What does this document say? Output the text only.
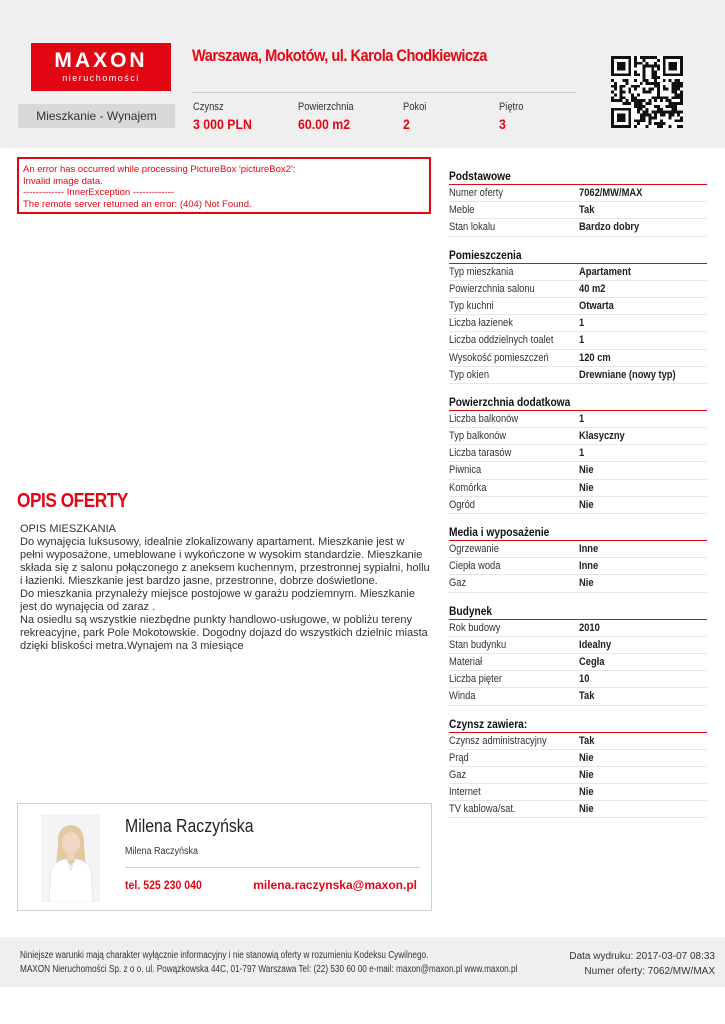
MAXON
nieruchomości
Warszawa, Mokotów, ul. Karola Chodkiewicza
Mieszkanie - Wynajem
Czynsz
3 000 PLN
Powierzchnia
60.00 m2
Pokoi
2
Piętro
3
An error has occurred while processing PictureBox 'pictureBox2':
Invalid image data.
------------- InnerException -------------
The remote server returned an error: (404) Not Found.
OPIS OFERTY
OPIS MIESZKANIA
Do wynajęcia luksusowy, idealnie zlokalizowany apartament. Mieszkanie jest w pełni wyposażone, umeblowane i wykończone w wysokim standardzie. Mieszkanie składa się z salonu połączonego z aneksem kuchennym, przestronnej sypialni, hollu i łazienki. Mieszkanie jest bardzo jasne, przestronne, dobrze doświetlone.
Do mieszkania przynależy miejsce postojowe w garażu podziemnym. Mieszkanie jest do wynajęcia od zaraz .
Na osiedlu są wszystkie niezbędne punkty handlowo-usługowe, w pobliżu tereny rekreacyjne, park Pole Mokotowskie. Dogodny dojazd do wszystkich dzielnic miasta dzięki bliskości metra.Wynajem na 3 miesiące
Milena Raczyńska
Milena Raczyńska
tel. 525 230 040	milena.raczynska@maxon.pl
Podstawowe
Numer oferty	7062/MW/MAX
Meble	Tak
Stan lokalu	Bardzo dobry
Pomieszczenia
Typ mieszkania	Apartament
Powierzchnia salonu	40 m2
Typ kuchni	Otwarta
Liczba łazienek	1
Liczba oddzielnych toalet 1
Wysokość pomieszczeń	120 cm
Typ okien	Drewniane (nowy typ)
Powierzchnia dodatkowa
Liczba balkonów	1
Typ balkonów	Klasyczny
Liczba tarasów	1
Piwnica	Nie
Komórka	Nie
Ogród	Nie
Media i wyposażenie
Ogrzewanie	Inne
Ciepła woda	Inne
Gaz	Nie
Budynek
Rok budowy	2010
Stan budynku	Idealny
Materiał	Cegła
Liczba pięter	10
Winda	Tak
Czynsz zawiera:
Czynsz administracyjny	Tak
Prąd	Nie
Gaz	Nie
Internet	Nie
TV kablowa/sat.	Nie
Niniejsze warunki mają charakter wyłącznie informacyjny i nie stanowią oferty w rozumieniu Kodeksu Cywilnego.
MAXON Nieruchomości Sp. z o o. ul. Powązkowska 44C, 01-797 Warszawa Tel: (22) 530 60 00 e-mail: maxon@maxon.pl www.maxon.pl
Data wydruku: 2017-03-07 08:33
Numer oferty: 7062/MW/MAX
